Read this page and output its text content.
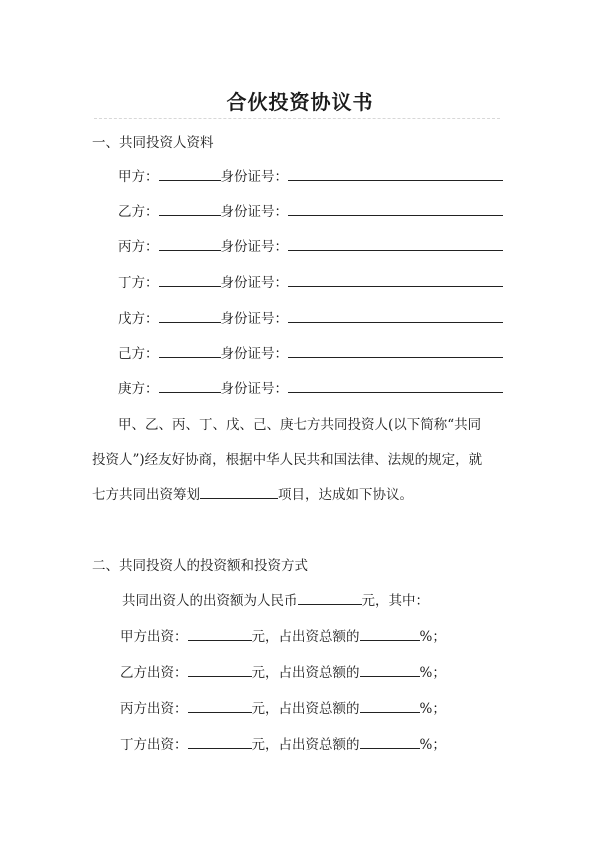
合伙投资协议书
一、共同投资人资料
甲方：	身份证号：
乙方：	身份证号：
丙方：	身份证号：
丁方：	身份证号：
戊方：	身份证号：
己方：	身份证号：
庚方：	身份证号：
甲、乙、丙、丁、戊、己、庚七方共同投资人(以下简称“共同
投资人”)经友好协商，根据中华人民共和国法律、法规的规定，就
七方共同出资筹划	项目，达成如下协议。
二、共同投资人的投资额和投资方式
共同出资人的出资额为人民币	元，其中：
甲方出资：	元，占出资总额的	%；
乙方出资：	元，占出资总额的	%；
丙方出资：	元，占出资总额的	%；
丁方出资：	元，占出资总额的	%；
